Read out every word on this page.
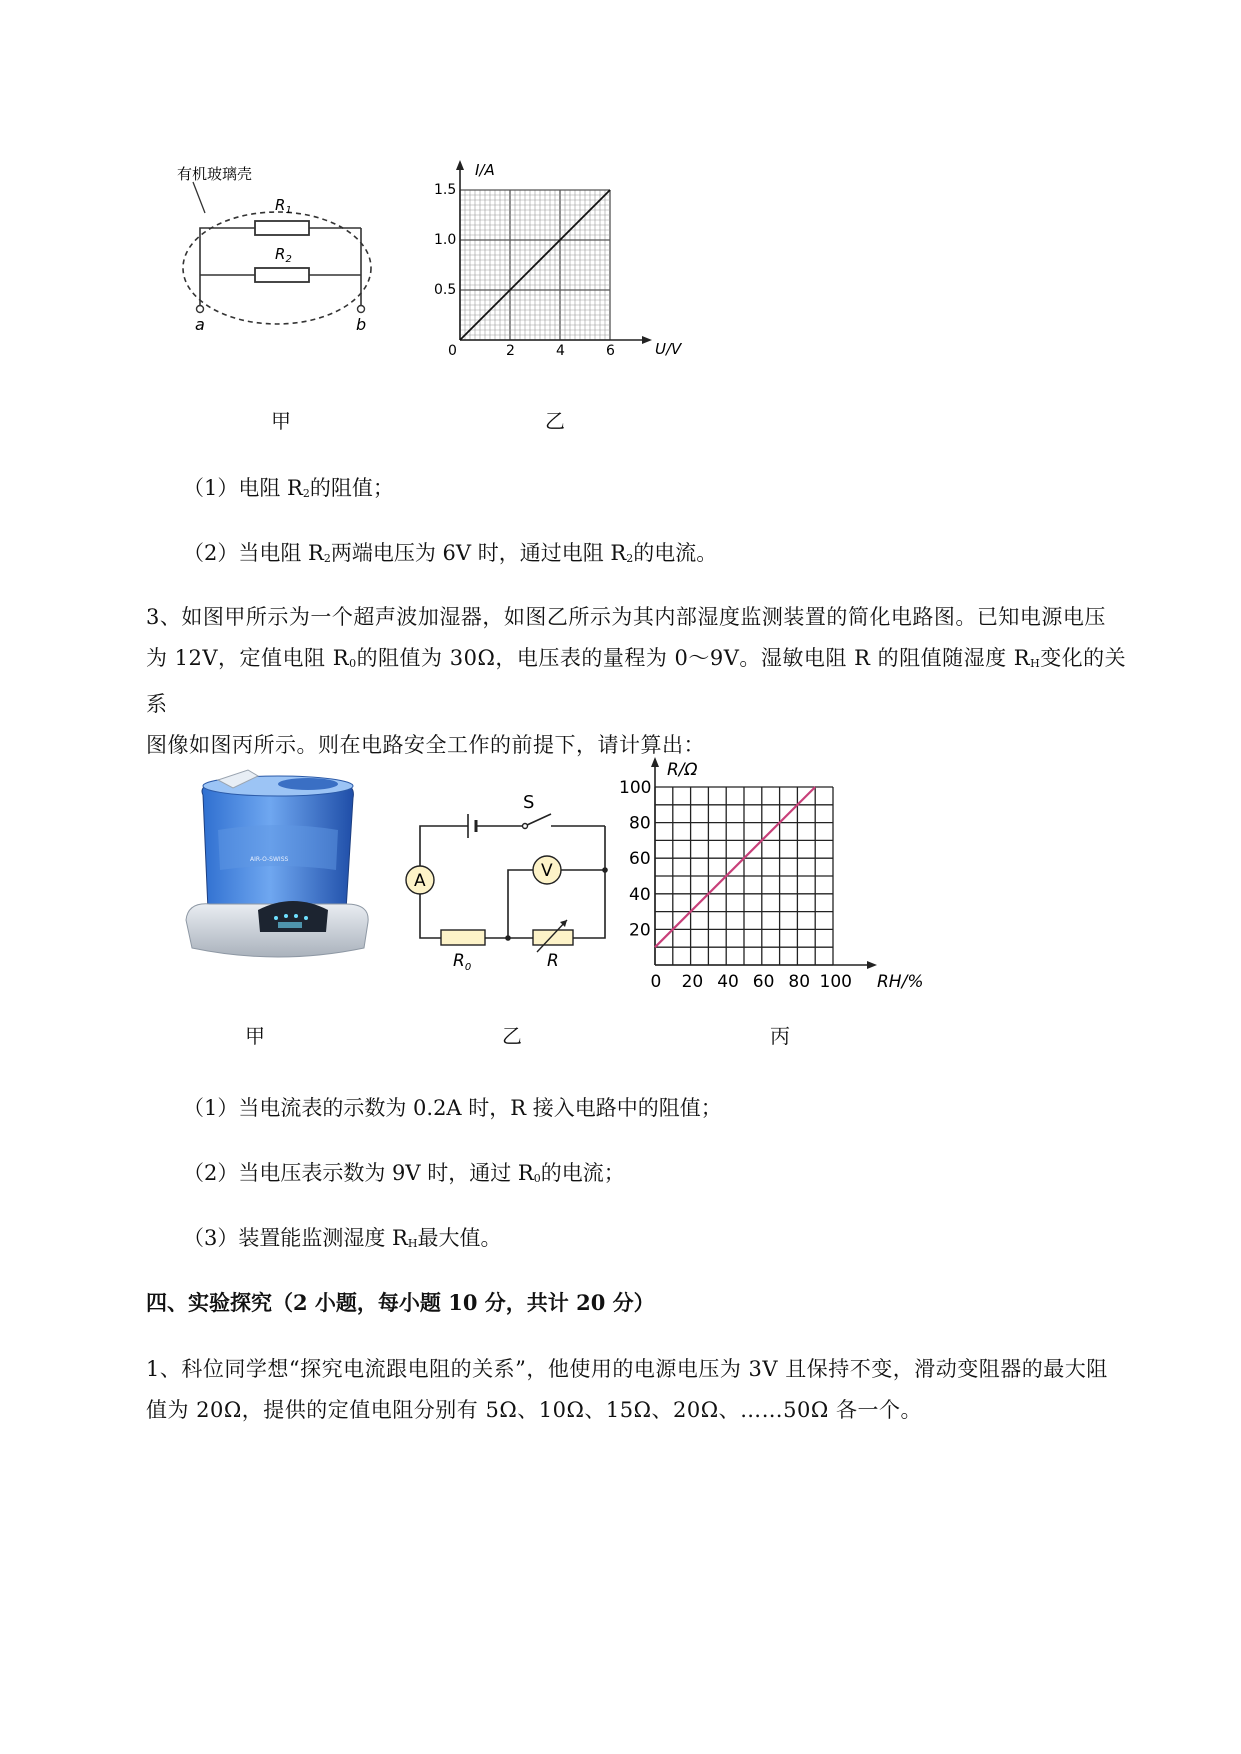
有机玻璃壳
$R_1$
$R_2$
a	b
甲
I/A
U/V
0	2	4	6
0.5
1.0
1.5
乙
（1）电阻 $R_2$的阻值；
（2）当电阻 $R_2$两端电压为 6V 时，通过电阻 $R_2$的电流。
3、如图甲所示为一个超声波加湿器，如图乙所示为其内部湿度监测装置的简化电路图。已知电源电压
为 12V，定值电阻 $R_0$的阻值为 30Ω，电压表的量程为 0～9V。湿敏电阻 R 的阻值随湿度 $R_H$变化的关系
图像如图丙所示。则在电路安全工作的前提下，请计算出：
AIR-O-SWISS
甲
S
A
$R_0$
V
R
乙
R/Ω
RH/%
0 20 40 60 80 100
20
40
60
80
100
（1）当电流表的示数为 0.2A 时，R 接入电路中的阻值；
（2）当电压表示数为 9V 时，通过 $R_0$的电流；
（3）装置能监测湿度 $R_H$最大值。
四、实验探究（2 小题，每小题 10 分，共计 20 分）
1、科位同学想“探究电流跟电阻的关系”，他使用的电源电压为 3V 且保持不变，滑动变阻器的最大阻
值为 20Ω，提供的定值电阻分别有 5Ω、10Ω、15Ω、20Ω、……50Ω 各一个。
丙
